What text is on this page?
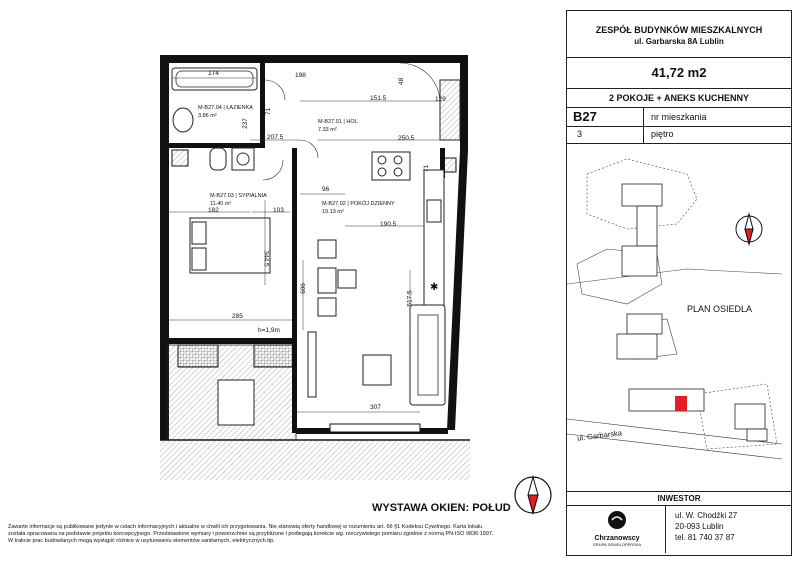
✱
174	198
48
151.5	129
71
237
207.5	250.5
96
71
182	103
190.5
344.5
606
517.5
285
h=1,9m
307
M-B27.04 | ŁAZIENKA
3.86 m²
M-B27.01 | HOL
7.33 m²
M-B27.03 | SYPIALNIA
11.40 m²	M-B27.02 | POKÓJ DZIENNY
19.13 m²
WYSTAWA OKIEN: POŁUD
Zawarte informacje są publikowane jedynie w celach informacyjnych i aktualne w chwili ich przygotowania. Nie stanowią oferty handlowej w rozumieniu art. 66 §1 Kodeksu Cywilnego. Karta lokalu
została opracowana na podstawie projektu koncepcyjnego. Przedstawione wymiary i powierzchnie są przybliżone i podlegają korekcie wg. rzeczywistego pomiaru zgodnie z normą PN-ISO 9836:1997.
W trakcie prac budowlanych mogą wystąpić różnice w usytuowaniu elementów sanitarnych, elektrycznych.itp.
ZESPÓŁ BUDYNKÓW MIESZKALNYCH
ul. Garbarska 8A Lublin
41,72 m2
2 POKOJE + ANEKS KUCHENNY
B27	nr mieszkania
3	piętro
PLAN OSIEDLA
ul. Garbarska
INWESTOR
Chrzanowscy
GRUPA DEWELOPERSKA
ul. W. Chodźki 27
20-093 Lublin
tel. 81 740 37 87
